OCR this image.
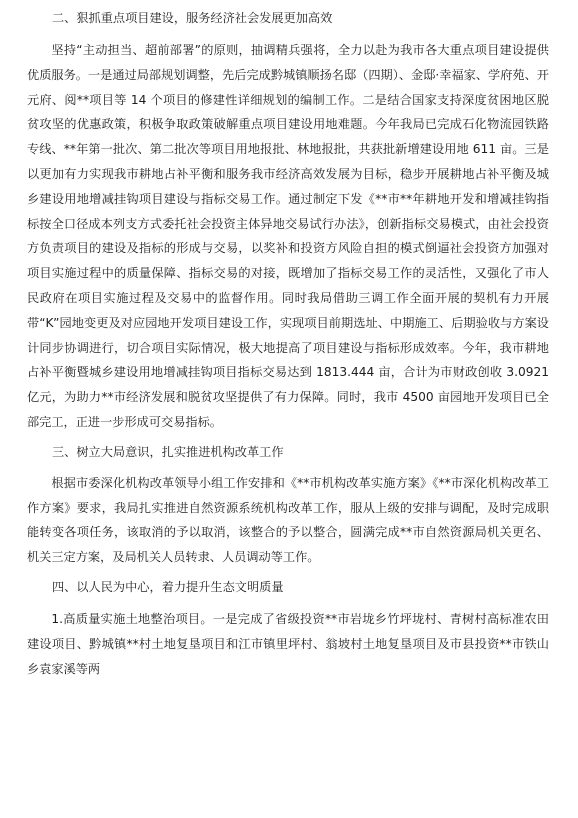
二、狠抓重点项目建设，服务经济社会发展更加高效

坚持“主动担当、超前部署”的原则，抽调精兵强将，全力以赴为我市各大重点项目建设提供优质服务。一是通过局部规划调整，先后完成黔城镇顺扬名邸（四期）、金邸·幸福家、学府苑、开元府、阅**项目等 14 个项目的修建性详细规划的编制工作。二是结合国家支持深度贫困地区脱贫攻坚的优惠政策，积极争取政策破解重点项目建设用地难题。今年我局已完成石化物流园铁路专线、**年第一批次、第二批次等项目用地报批、林地报批，共获批新增建设用地 611 亩。三是以更加有力实现我市耕地占补平衡和服务我市经济高效发展为目标，稳步开展耕地占补平衡及城乡建设用地增减挂钩项目建设与指标交易工作。通过制定下发《**市**年耕地开发和增减挂钩指标按全口径成本列支方式委托社会投资主体异地交易试行办法》，创新指标交易模式，由社会投资方负责项目的建设及指标的形成与交易，以奖补和投资方风险自担的模式倒逼社会投资方加强对项目实施过程中的质量保障、指标交易的对接，既增加了指标交易工作的灵活性，又强化了市人民政府在项目实施过程及交易中的监督作用。同时我局借助三调工作全面开展的契机有力开展带“K”园地变更及对应园地开发项目建设工作，实现项目前期选址、中期施工、后期验收与方案设计同步协调进行，切合项目实际情况，极大地提高了项目建设与指标形成效率。今年，我市耕地占补平衡暨城乡建设用地增减挂钩项目指标交易达到 1813.444 亩，合计为市财政创收 3.0921 亿元，为助力**市经济发展和脱贫攻坚提供了有力保障。同时，我市 4500 亩园地开发项目已全部完工，正进一步形成可交易指标。

三、树立大局意识，扎实推进机构改革工作

根据市委深化机构改革领导小组工作安排和《**市机构改革实施方案》《**市深化机构改革工作方案》要求，我局扎实推进自然资源系统机构改革工作，服从上级的安排与调配，及时完成职能转变各项任务，该取消的予以取消，该整合的予以整合，圆满完成**市自然资源局机关更名、机关三定方案，及局机关人员转隶、人员调动等工作。

四、以人民为中心，着力提升生态文明质量

1.高质量实施土地整治项目。一是完成了省级投资**市岩垅乡竹坪垅村、青树村高标准农田建设项目、黔城镇**村土地复垦项目和江市镇里坪村、翁坡村土地复垦项目及市县投资**市铁山乡袁家溪等两
